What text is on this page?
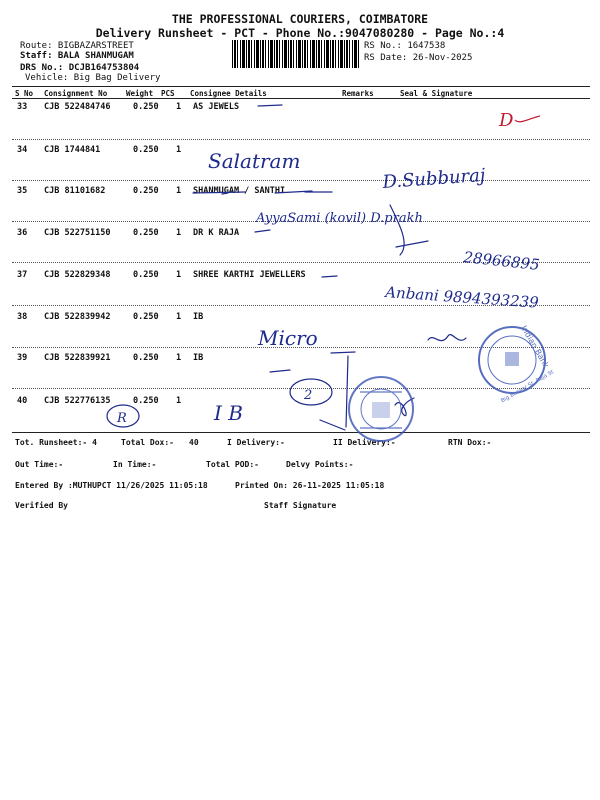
THE PROFESSIONAL COURIERS, COIMBATORE
Delivery Runsheet - PCT - Phone No.:9047080280 - Page No.:4
Route: BIGBAZARSTREET
Staff: BALA SHANMUGAM
DRS No.: DCJB164753804
Vehicle: Big Bag Delivery
RS No.: 1647538
RS Date: 26-Nov-2025
S No Consignment No	Weight PCS Consignee Details	Remarks	Seal & Signature
33 CJB 522484746	0.250 1 AS JEWELS
34 CJB 1744841	0.250 1
35 CJB 81101682	0.250 1 SHANMUGAM / SANTHI
36 CJB 522751150	0.250 1 DR K RAJA
37 CJB 522829348	0.250 1 SHREE KARTHI JEWELLERS
38 CJB 522839942	0.250 1 IB
39 CJB 522839921	0.250 1 IB
40 CJB 522776135	0.250 1
Tot. Runsheet:- 4	Total Dox:- 40	I Delivery:-	II Delivery:-	RTN Dox:-
Out Time:-	In Time:-	Total POD:-	Delvy Points:-
Entered By :MUTHUPCT 11/26/2025 11:05:18	Printed On: 26-11-2025 11:05:18
Verified By	Staff Signature
Salatram
D.Subburaj
AyyaSami (kovil) D.prakh
28966895
Anbani 9894393239
Micro
I B
2
R
D
Indian Bank
Big Bazaar St. Raja St
